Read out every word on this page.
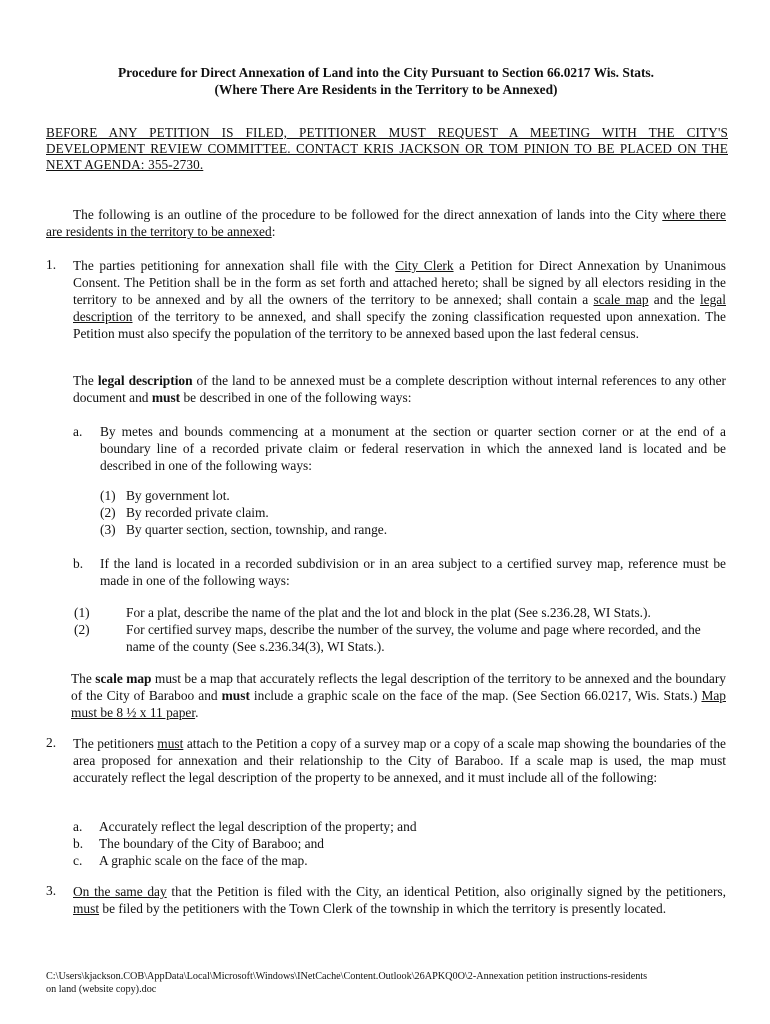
Procedure for Direct Annexation of Land into the City Pursuant to Section 66.0217 Wis. Stats.
(Where There Are Residents in the Territory to be Annexed)
BEFORE ANY PETITION IS FILED, PETITIONER MUST REQUEST A MEETING WITH THE CITY'S DEVELOPMENT REVIEW COMMITTEE. CONTACT KRIS JACKSON OR TOM PINION TO BE PLACED ON THE NEXT AGENDA: 355-2730.
The following is an outline of the procedure to be followed for the direct annexation of lands into the City where there are residents in the territory to be annexed:
1.	The parties petitioning for annexation shall file with the City Clerk a Petition for Direct Annexation by Unanimous Consent. The Petition shall be in the form as set forth and attached hereto; shall be signed by all electors residing in the territory to be annexed and by all the owners of the territory to be annexed; shall contain a scale map and the legal description of the territory to be annexed, and shall specify the zoning classification requested upon annexation. The Petition must also specify the population of the territory to be annexed based upon the last federal census.
The legal description of the land to be annexed must be a complete description without internal references to any other document and must be described in one of the following ways:
a. By metes and bounds commencing at a monument at the section or quarter section corner or at the end of a boundary line of a recorded private claim or federal reservation in which the annexed land is located and be described in one of the following ways:
(1) By government lot.
(2) By recorded private claim.
(3) By quarter section, section, township, and range.
b. If the land is located in a recorded subdivision or in an area subject to a certified survey map, reference must be made in one of the following ways:
(1)	For a plat, describe the name of the plat and the lot and block in the plat (See s.236.28, WI Stats.).
(2)	For certified survey maps, describe the number of the survey, the volume and page where recorded, and the name of the county (See s.236.34(3), WI Stats.).
The scale map must be a map that accurately reflects the legal description of the territory to be annexed and the boundary of the City of Baraboo and must include a graphic scale on the face of the map. (See Section 66.0217, Wis. Stats.) Map must be 8 ½ x 11 paper.
2.	The petitioners must attach to the Petition a copy of a survey map or a copy of a scale map showing the boundaries of the area proposed for annexation and their relationship to the City of Baraboo. If a scale map is used, the map must accurately reflect the legal description of the property to be annexed, and it must include all of the following:
a. Accurately reflect the legal description of the property; and
b. The boundary of the City of Baraboo; and
c. A graphic scale on the face of the map.
3.	On the same day that the Petition is filed with the City, an identical Petition, also originally signed by the petitioners, must be filed by the petitioners with the Town Clerk of the township in which the territory is presently located.
C:\Users\kjackson.COB\AppData\Local\Microsoft\Windows\INetCache\Content.Outlook\26APKQ0O\2-Annexation petition instructions-residents
on land (website copy).doc
